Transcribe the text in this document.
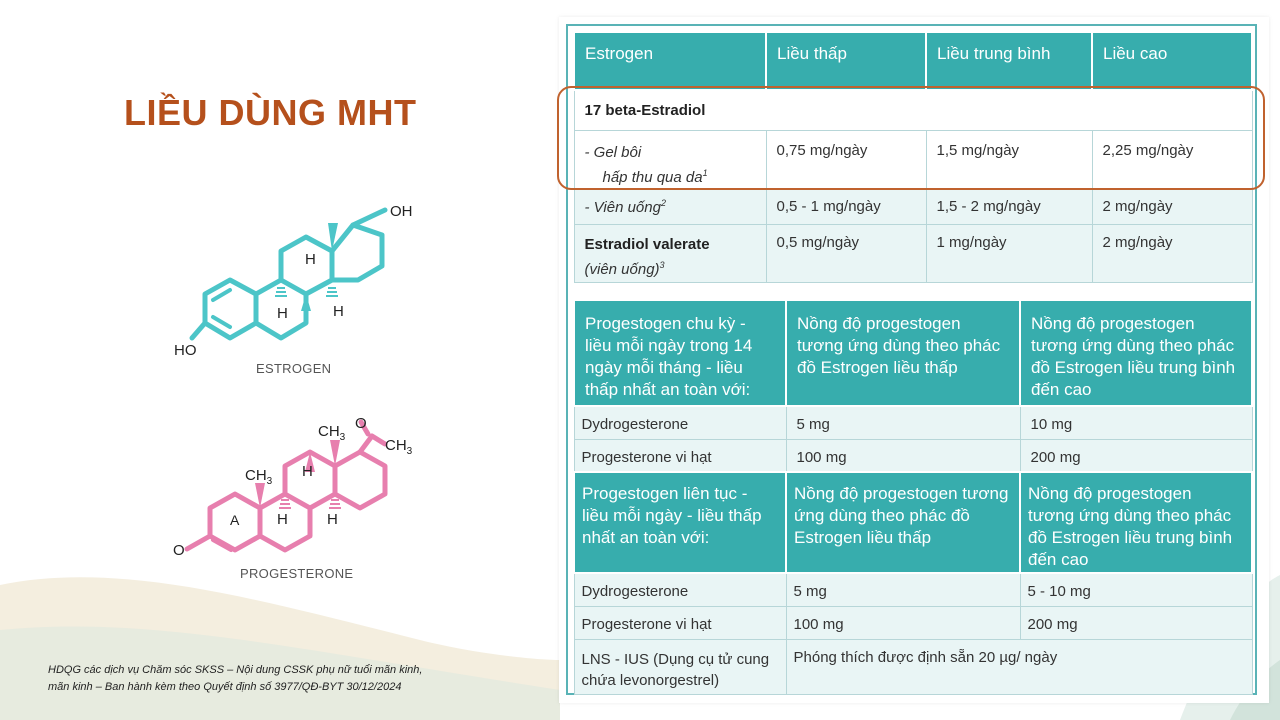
LIỀU DÙNG MHT
OH
HO
H
H	H
ESTROGEN
$CH_3$	$CH_3$
$CH_3$
O
O
A
H
H	H
PROGESTERONE
HDQG các dịch vụ Chăm sóc SKSS – Nội dung CSSK phụ nữ tuổi mãn kinh,
mãn kinh – Ban hành kèm theo Quyết định số 3977/QĐ-BYT 30/12/2024
Estrogen	Liều thấp	Liều trung bình	Liều cao
17 beta-Estradiol			

- Gel bôi
hấp thu qua $da^1$	0,75 mg/ngày	1,5 mg/ngày	2,25 mg/ngày
- Viên uống$^2$	0,5 - 1 mg/ngày	1,5 - 2 mg/ngày	2 mg/ngày

Estradiol valerate
(viên uống)$^3$	0,5 mg/ngày	1 mg/ngày	2 mg/ngày
Progestogen chu kỳ - liều mỗi ngày trong 14 ngày mỗi tháng - liều thấp nhất an toàn với:	Nồng độ progestogen tương ứng dùng theo phác đồ Estrogen liều thấp	Nồng độ progestogen tương ứng dùng theo phác đồ Estrogen liều trung bình đến cao
Dydrogesterone	5 mg	10 mg
Progesterone vi hạt	100 mg	200 mg
Progestogen liên tục - liều mỗi ngày - liều thấp nhất an toàn với:	Nồng độ progestogen tương ứng dùng theo phác đồ Estrogen liều thấp	Nồng độ progestogen tương ứng dùng theo phác đồ Estrogen liều trung bình đến cao
Dydrogesterone	5 mg	5 - 10 mg
Progesterone vi hạt	100 mg	200 mg
LNS - IUS (Dụng cụ tử cung chứa levonorgestrel)	Phóng thích được định sẵn 20 µg/ ngày	
